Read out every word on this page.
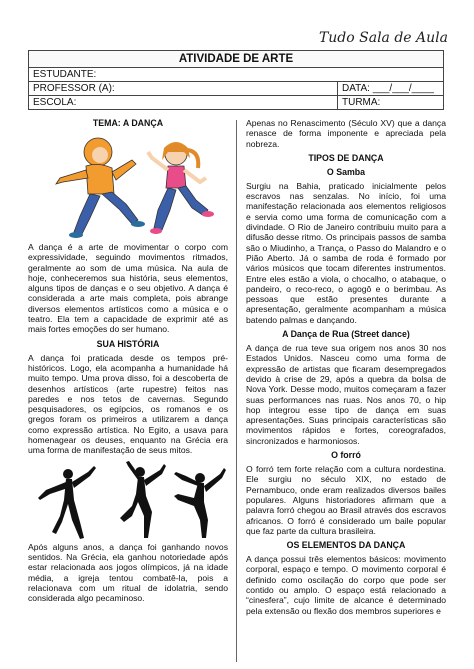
Tudo Sala de Aula
ATIVIDADE DE ARTE	
ESTUDANTE:	
PROFESSOR (A):	DATA: ___/___/____
ESCOLA:	TURMA:
TEMA: A DANÇA

A dança é a arte de movimentar o corpo com expressividade, seguindo movimentos ritmados, geralmente ao som de uma música. Na aula de hoje, conheceremos sua história, seus elementos, alguns tipos de danças e o seu objetivo. A dança é considerada a arte mais completa, pois abrange diversos elementos artísticos como a música e o teatro. Ela tem a capacidade de exprimir até as mais fortes emoções do ser humano.

SUA HISTÓRIA

A dança foi praticada desde os tempos pré-históricos. Logo, ela acompanha a humanidade há muito tempo. Uma prova disso, foi a descoberta de desenhos artísticos (arte rupestre) feitos nas paredes e nos tetos de cavernas. Segundo pesquisadores, os egípcios, os romanos e os gregos foram os primeiros a utilizarem a dança como expressão artística. No Egito, a usava para homenagear os deuses, enquanto na Grécia era uma forma de manifestação de seus mitos.

Após alguns anos, a dança foi ganhando novos sentidos. Na Grécia, ela ganhou notoriedade após estar relacionada aos jogos olímpicos, já na idade média, a igreja tentou combatê-la, pois a relacionava com um ritual de idolatria, sendo considerada algo pecaminoso.

Apenas no Renascimento (Século XV) que a dança renasce de forma imponente e apreciada pela nobreza.

TIPOS DE DANÇA
O Samba

Surgiu na Bahia, praticado inicialmente pelos escravos nas senzalas. No início, foi uma manifestação relacionada aos elementos religiosos e servia como uma forma de comunicação com a divindade. O Rio de Janeiro contribuiu muito para a difusão desse ritmo. Os principais passos de samba são o Miudinho, a Trança, o Passo do Malandro e o Pião Aberto. Já o samba de roda é formado por vários músicos que tocam diferentes instrumentos. Entre eles estão a viola, o chocalho, o atabaque, o pandeiro, o reco-reco, o agogô e o berimbau. As pessoas que estão presentes durante a apresentação, geralmente acompanham a música batendo palmas e dançando.

A Dança de Rua (Street dance)

A dança de rua teve sua origem nos anos 30 nos Estados Unidos. Nasceu como uma forma de expressão de artistas que ficaram desempregados devido à crise de 29, após a quebra da bolsa de Nova York. Desse modo, muitos começaram a fazer suas performances nas ruas. Nos anos 70, o hip hop integrou esse tipo de dança em suas apresentações. Suas principais características são movimentos rápidos e fortes, coreografados, sincronizados e harmoniosos.

O forró

O forró tem forte relação com a cultura nordestina. Ele surgiu no século XIX, no estado de Pernambuco, onde eram realizados diversos bailes populares. Alguns historiadores afirmam que a palavra forró chegou ao Brasil através dos escravos africanos. O forró é considerado um baile popular que faz parte da cultura brasileira.

OS ELEMENTOS DA DANÇA

A dança possui três elementos básicos: movimento corporal, espaço e tempo. O movimento corporal é definido como oscilação do corpo que pode ser contido ou amplo. O espaço está relacionado a “cinesfera”, cujo limite de alcance é determinado pela extensão ou flexão dos membros superiores e
